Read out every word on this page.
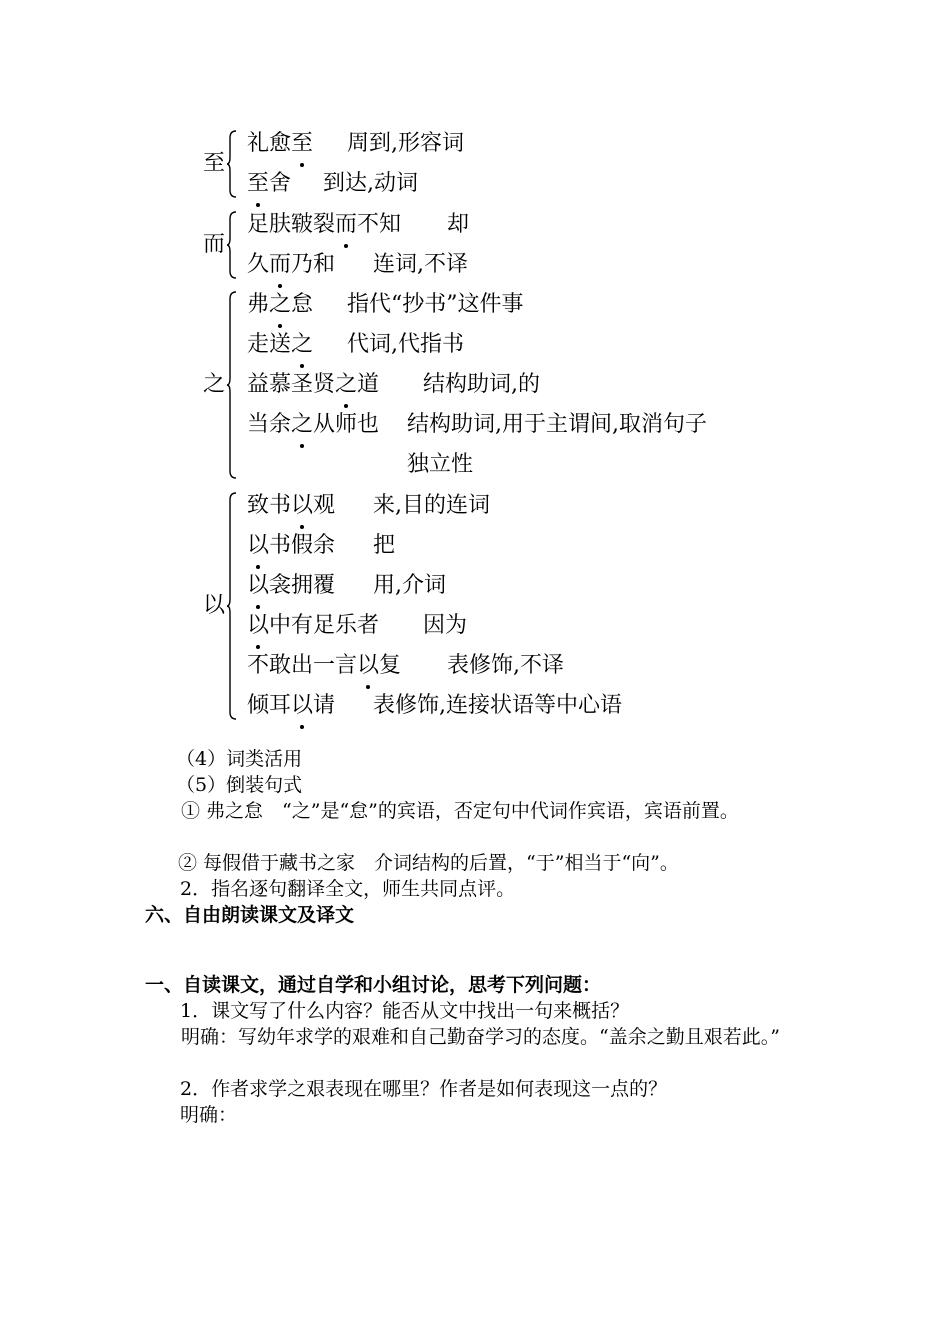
至
礼愈至 周到,形容词
至舍 到达,动词
而
足肤皲裂而不知 却
久而乃和 连词,不译
之
弗之怠 指代“抄书”这件事
走送之 代词,代指书
益慕圣贤之道 结构助词,的
当余之从师也 结构助词,用于主谓间,取消句子
独立性
以
致书以观 来,目的连词
以书假余 把
以衾拥覆 用,介词
以中有足乐者 因为
不敢出一言以复 表修饰,不译
倾耳以请 表修饰,连接状语等中心语
（4）词类活用
（5）倒装句式
① 弗之怠　“之”是“怠”的宾语，否定句中代词作宾语，宾语前置。
② 每假借于藏书之家　介词结构的后置，“于”相当于“向”。
2．指名逐句翻译全文，师生共同点评。
六、自由朗读课文及译文
一、自读课文，通过自学和小组讨论，思考下列问题：
1．课文写了什么内容？能否从文中找出一句来概括？
明确：写幼年求学的艰难和自己勤奋学习的态度。“盖余之勤且艰若此。”
2．作者求学之艰表现在哪里？作者是如何表现这一点的？
明确：
